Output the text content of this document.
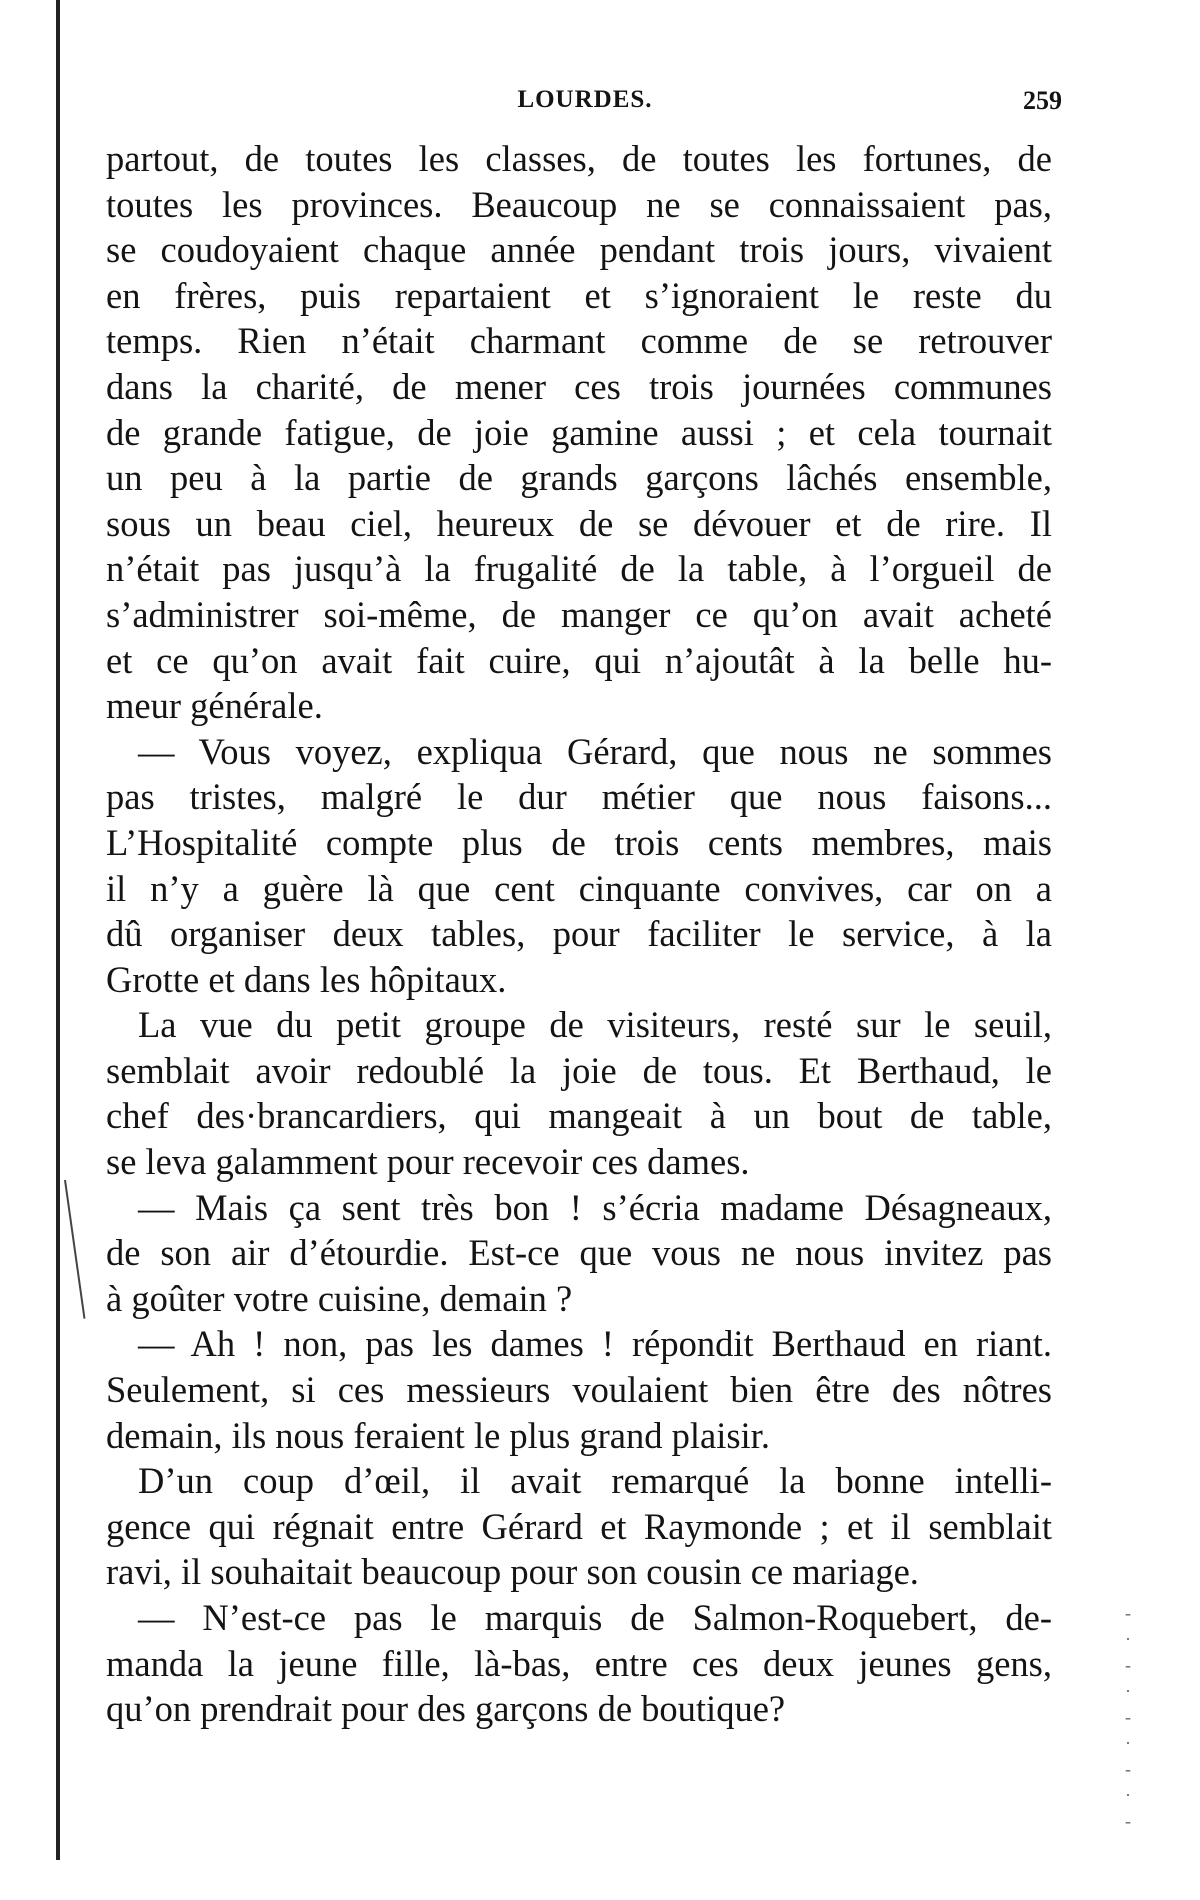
LOURDES.	259
partout, de toutes les classes, de toutes les fortunes, de
toutes les provinces. Beaucoup ne se connaissaient pas,
se coudoyaient chaque année pendant trois jours, vivaient
en frères, puis repartaient et s’ignoraient le reste du
temps. Rien n’était charmant comme de se retrouver
dans la charité, de mener ces trois journées communes
de grande fatigue, de joie gamine aussi ; et cela tournait
un peu à la partie de grands garçons lâchés ensemble,
sous un beau ciel, heureux de se dévouer et de rire. Il
n’était pas jusqu’à la frugalité de la table, à l’orgueil de
s’administrer soi-même, de manger ce qu’on avait acheté
et ce qu’on avait fait cuire, qui n’ajoutât à la belle hu-
meur générale.
— Vous voyez, expliqua Gérard, que nous ne sommes
pas tristes, malgré le dur métier que nous faisons...
L’Hospitalité compte plus de trois cents membres, mais
il n’y a guère là que cent cinquante convives, car on a
dû organiser deux tables, pour faciliter le service, à la
Grotte et dans les hôpitaux.
La vue du petit groupe de visiteurs, resté sur le seuil,
semblait avoir redoublé la joie de tous. Et Berthaud, le
chef des·brancardiers, qui mangeait à un bout de table,
se leva galamment pour recevoir ces dames.
— Mais ça sent très bon ! s’écria madame Désagneaux,
de son air d’étourdie. Est-ce que vous ne nous invitez pas
à goûter votre cuisine, demain ?
— Ah ! non, pas les dames ! répondit Berthaud en riant.
Seulement, si ces messieurs voulaient bien être des nôtres
demain, ils nous feraient le plus grand plaisir.
D’un coup d’œil, il avait remarqué la bonne intelli-
gence qui régnait entre Gérard et Raymonde ; et il semblait
ravi, il souhaitait beaucoup pour son cousin ce mariage.
— N’est-ce pas le marquis de Salmon-Roquebert, de-
manda la jeune fille, là-bas, entre ces deux jeunes gens,
qu’on prendrait pour des garçons de boutique?
-
·
-
·
-
·
-
·
-
